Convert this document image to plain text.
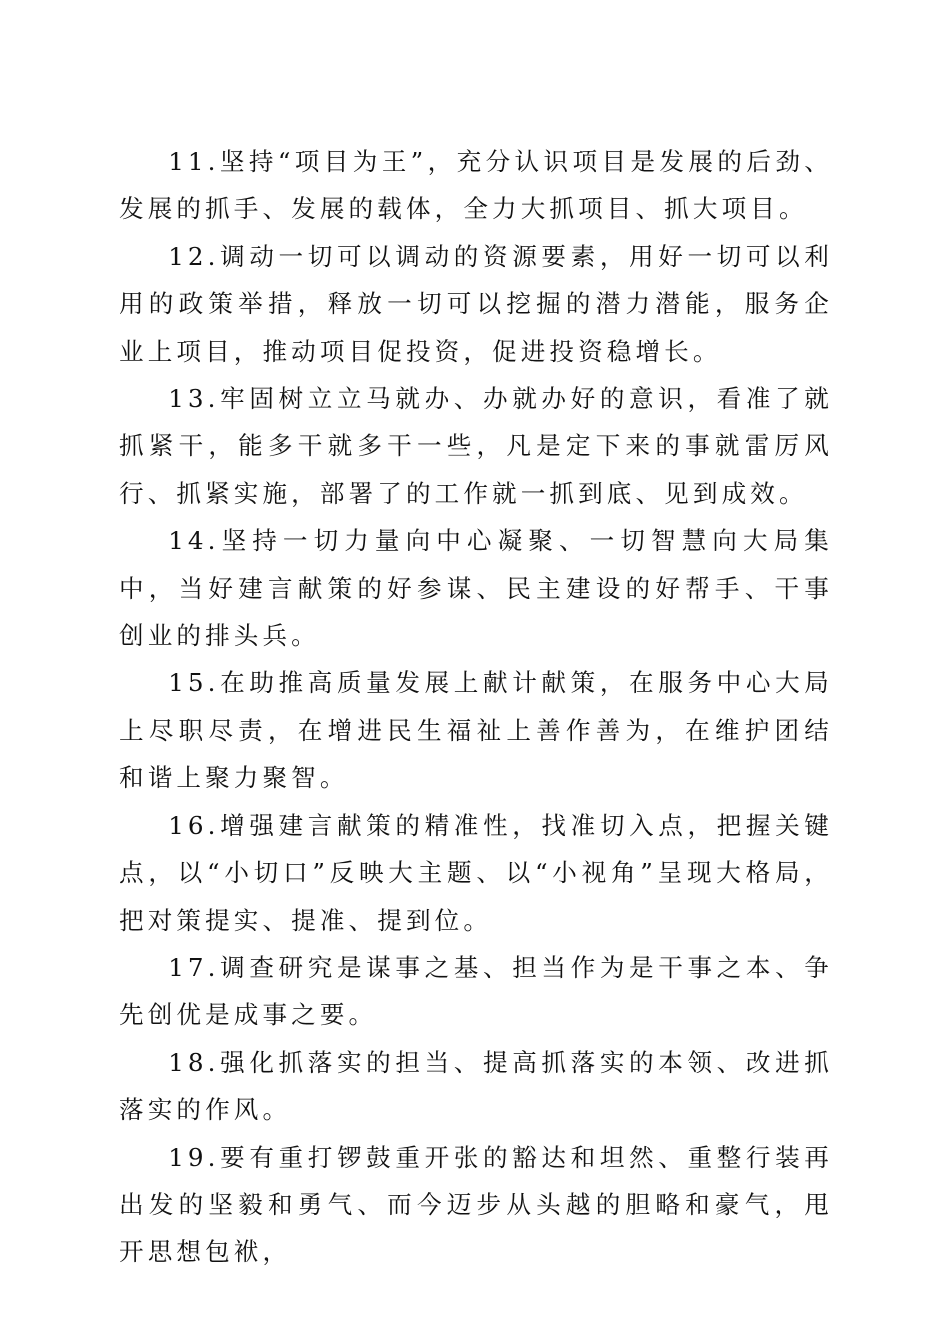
11.坚持“项目为王”，充分认识项目是发展的后劲、发展的抓手、发展的载体，全力大抓项目、抓大项目。

12.调动一切可以调动的资源要素，用好一切可以利用的政策举措，释放一切可以挖掘的潜力潜能，服务企业上项目，推动项目促投资，促进投资稳增长。

13.牢固树立立马就办、办就办好的意识，看准了就抓紧干，能多干就多干一些，凡是定下来的事就雷厉风行、抓紧实施，部署了的工作就一抓到底、见到成效。

14.坚持一切力量向中心凝聚、一切智慧向大局集中，当好建言献策的好参谋、民主建设的好帮手、干事创业的排头兵。

15.在助推高质量发展上献计献策，在服务中心大局上尽职尽责，在增进民生福祉上善作善为，在维护团结和谐上聚力聚智。

16.增强建言献策的精准性，找准切入点，把握关键点，以“小切口”反映大主题、以“小视角”呈现大格局，把对策提实、提准、提到位。

17.调查研究是谋事之基、担当作为是干事之本、争先创优是成事之要。

18.强化抓落实的担当、提高抓落实的本领、改进抓落实的作风。

19.要有重打锣鼓重开张的豁达和坦然、重整行装再出发的坚毅和勇气、而今迈步从头越的胆略和豪气，甩开思想包袱，
